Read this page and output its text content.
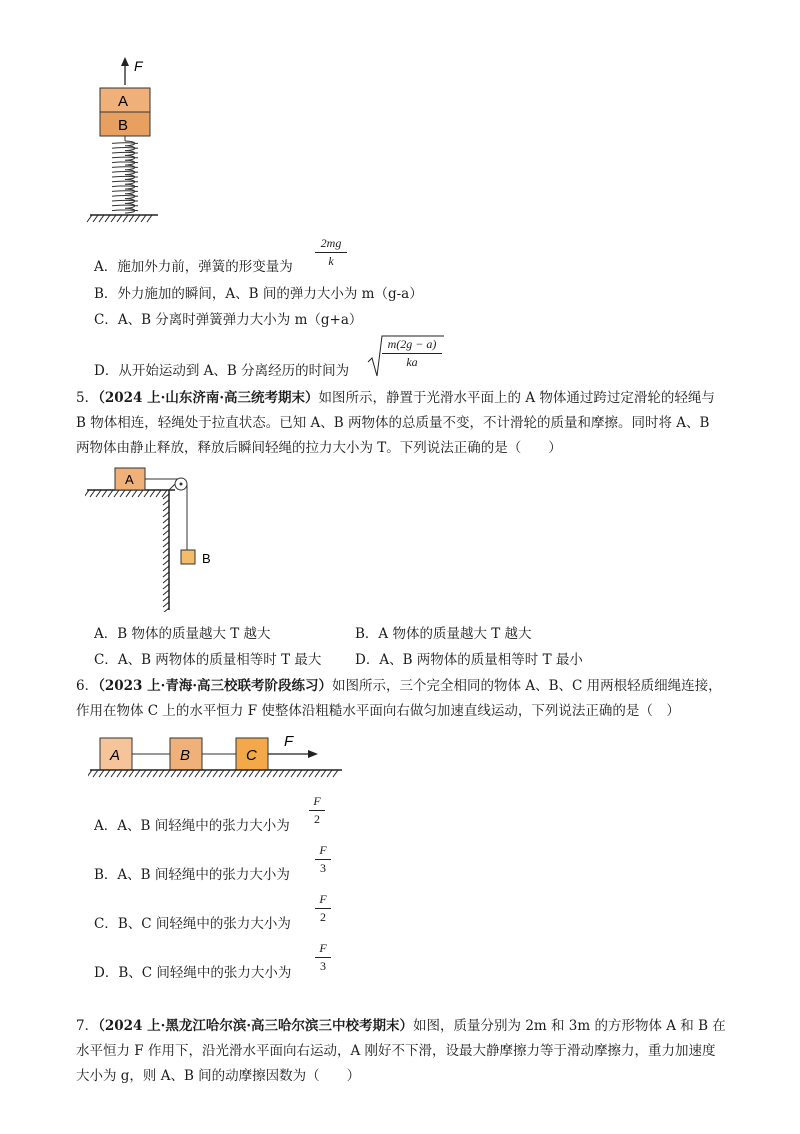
F
A
B
A．施加外力前，弹簧的形变量为
2mg
k
B．外力施加的瞬间，A、B 间的弹力大小为 m（g-a）
C．A、B 分离时弹簧弹力大小为 m（g+a）
D．从开始运动到 A、B 分离经历的时间为
m(2g − a)
ka
5．（2024 上·山东济南·高三统考期末）如图所示，静置于光滑水平面上的 A 物体通过跨过定滑轮的轻绳与 B 物体相连，轻绳处于拉直状态。已知 A、B 两物体的总质量不变，不计滑轮的质量和摩擦。同时将 A、B 两物体由静止释放，释放后瞬间轻绳的拉力大小为 T。下列说法正确的是（　　）
A
B
A．B 物体的质量越大 T 越大	B．A 物体的质量越大 T 越大
C．A、B 两物体的质量相等时 T 最大 D．A、B 两物体的质量相等时 T 最小
6．（2023 上·青海·高三校联考阶段练习）如图所示，三个完全相同的物体 A、B、C 用两根轻质细绳连接，作用在物体 C 上的水平恒力 F 使整体沿粗糙水平面向右做匀加速直线运动，下列说法正确的是（　）
A	B	C
F
A．A、B 间轻绳中的张力大小为
F
2
B．A、B 间轻绳中的张力大小为
F
3
C．B、C 间轻绳中的张力大小为
F
2
D．B、C 间轻绳中的张力大小为
F
3
7．（2024 上·黑龙江哈尔滨·高三哈尔滨三中校考期末）如图，质量分别为 2m 和 3m 的方形物体 A 和 B 在水平恒力 F 作用下，沿光滑水平面向右运动，A 刚好不下滑，设最大静摩擦力等于滑动摩擦力，重力加速度大小为 g，则 A、B 间的动摩擦因数为（　　）
